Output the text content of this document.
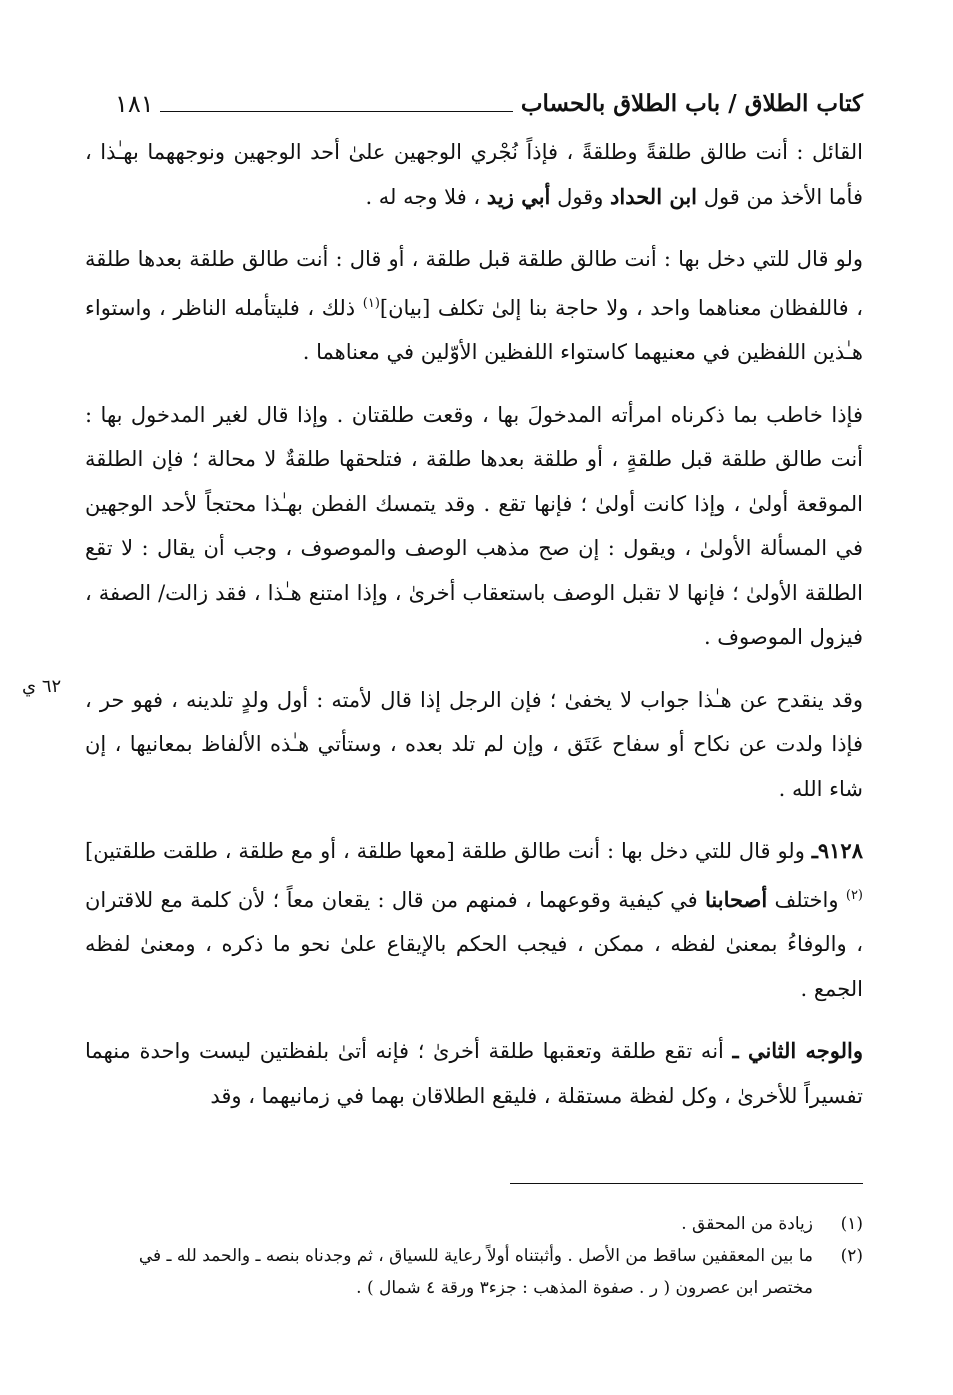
١٨١	كتاب الطلاق / باب الطلاق بالحساب
٦٢ ي

القائل : أنت طالق طلقةً وطلقةً ، فإذاً نُجْري الوجهين علىٰ أحد الوجهين ونوجههما بهـٰذا ، فأما الأخذ من قول ابن الحداد وقول أبي زيد ، فلا وجه له .

ولو قال للتي دخل بها : أنت طالق طلقة قبل طلقة ، أو قال : أنت طالق طلقة بعدها طلقة ، فاللفظان معناهما واحد ، ولا حاجة بنا إلىٰ تكلف [بيان]$^{(١)}$ ذلك ، فليتأمله الناظر ، واستواء هـٰذين اللفظين في معنيهما كاستواء اللفظين الأوّلين في معناهما .

فإذا خاطب بما ذكرناه امرأته المدخولَ بها ، وقعت طلقتان . وإذا قال لغير المدخول بها : أنت طالق طلقة قبل طلقةٍ ، أو طلقة بعدها طلقة ، فتلحقها طلقةٌ لا محالة ؛ فإن الطلقة الموقعة أولىٰ ، وإذا كانت أولىٰ ؛ فإنها تقع . وقد يتمسك الفطن بهـٰذا محتجاً لأحد الوجهين في المسألة الأولىٰ ، ويقول : إن صح مذهب الوصف والموصوف ، وجب أن يقال : لا تقع الطلقة الأولىٰ ؛ فإنها لا تقبل الوصف باستعقاب أخرىٰ ، وإذا امتنع هـٰذا ، فقد زالت/ الصفة ، فيزول الموصوف .

وقد ينقدح عن هـٰذا جواب لا يخفىٰ ؛ فإن الرجل إذا قال لأمته : أول ولدٍ تلدينه ، فهو حر ، فإذا ولدت عن نكاح أو سفاح عَتَق ، وإن لم تلد بعده ، وستأتي هـٰذه الألفاظ بمعانيها ، إن شاء الله .

٩١٢٨ـ ولو قال للتي دخل بها : أنت طالق طلقة [معها طلقة ، أو مع طلقة ، طلقت طلقتين]$^{(٢)}$ واختلف أصحابنا في كيفية وقوعهما ، فمنهم من قال : يقعان معاً ؛ لأن كلمة مع للاقتران ، والوفاءُ بمعنىٰ لفظه ، ممكن ، فيجب الحكم بالإيقاع علىٰ نحو ما ذكره ، ومعنىٰ لفظه الجمع .

والوجه الثاني ـ أنه تقع طلقة وتعقبها طلقة أخرىٰ ؛ فإنه أتىٰ بلفظتين ليست واحدة منهما تفسيراً للأخرىٰ ، وكل لفظة مستقلة ، فليقع الطلاقان بهما في زمانيهما ، وقد

(١)
زيادة من المحقق .

(٢)
ما بين المعقفين ساقط من الأصل . وأثبتناه أولاً رعاية للسياق ، ثم وجدناه بنصه ـ والحمد لله ـ في مختصر ابن عصرون ( ر . صفوة المذهب : جزء٣ ورقة ٤ شمال ) .
